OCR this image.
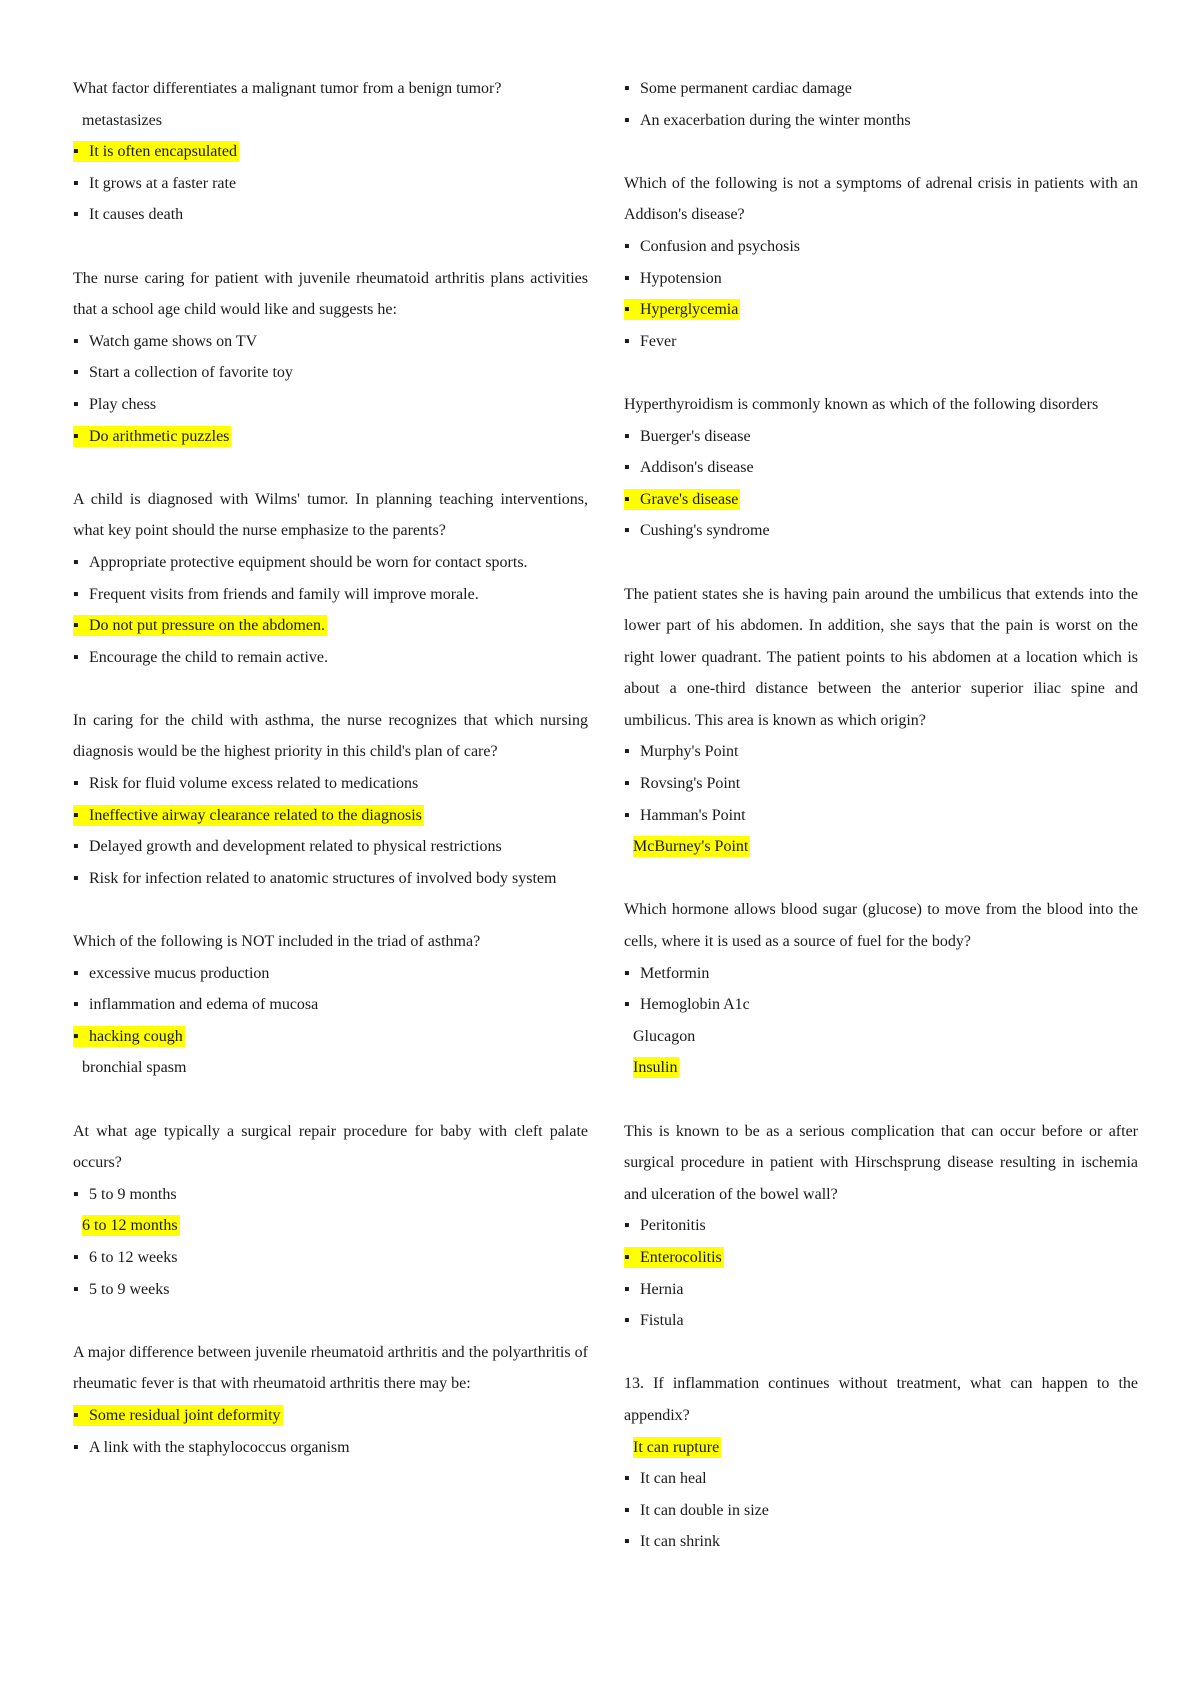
What factor differentiates a malignant tumor from a benign tumor?
metastasizes
▪ It is often encapsulated
▪ It grows at a faster rate
▪ It causes death
The nurse caring for patient with juvenile rheumatoid arthritis plans activities that a school age child would like and suggests he:
▪ Watch game shows on TV
▪ Start a collection of favorite toy
▪ Play chess
▪ Do arithmetic puzzles
A child is diagnosed with Wilms' tumor. In planning teaching interventions, what key point should the nurse emphasize to the parents?
▪ Appropriate protective equipment should be worn for contact sports.
▪ Frequent visits from friends and family will improve morale.
▪ Do not put pressure on the abdomen.
▪ Encourage the child to remain active.
In caring for the child with asthma, the nurse recognizes that which nursing diagnosis would be the highest priority in this child's plan of care?
▪ Risk for fluid volume excess related to medications
▪ Ineffective airway clearance related to the diagnosis
▪ Delayed growth and development related to physical restrictions
▪ Risk for infection related to anatomic structures of involved body system
Which of the following is NOT included in the triad of asthma?
▪ excessive mucus production
▪ inflammation and edema of mucosa
▪ hacking cough
bronchial spasm
At what age typically a surgical repair procedure for baby with cleft palate occurs?
▪ 5 to 9 months
6 to 12 months
▪ 6 to 12 weeks
▪ 5 to 9 weeks
A major difference between juvenile rheumatoid arthritis and the polyarthritis of rheumatic fever is that with rheumatoid arthritis there may be:
▪ Some residual joint deformity
▪ A link with the staphylococcus organism
▪ Some permanent cardiac damage
▪ An exacerbation during the winter months
Which of the following is not a symptoms of adrenal crisis in patients with an Addison's disease?
▪ Confusion and psychosis
▪ Hypotension
▪ Hyperglycemia
▪ Fever
Hyperthyroidism is commonly known as which of the following disorders
▪ Buerger's disease
▪ Addison's disease
▪ Grave's disease
▪ Cushing's syndrome
The patient states she is having pain around the umbilicus that extends into the lower part of his abdomen. In addition, she says that the pain is worst on the right lower quadrant. The patient points to his abdomen at a location which is about a one-third distance between the anterior superior iliac spine and umbilicus. This area is known as which origin?
▪ Murphy's Point
▪ Rovsing's Point
▪ Hamman's Point
McBurney's Point
Which hormone allows blood sugar (glucose) to move from the blood into the cells, where it is used as a source of fuel for the body?
▪ Metformin
▪ Hemoglobin A1c
Glucagon
Insulin
This is known to be as a serious complication that can occur before or after surgical procedure in patient with Hirschsprung disease resulting in ischemia and ulceration of the bowel wall?
▪ Peritonitis
▪ Enterocolitis
▪ Hernia
▪ Fistula
13. If inflammation continues without treatment, what can happen to the appendix?
It can rupture
▪ It can heal
▪ It can double in size
▪ It can shrink
